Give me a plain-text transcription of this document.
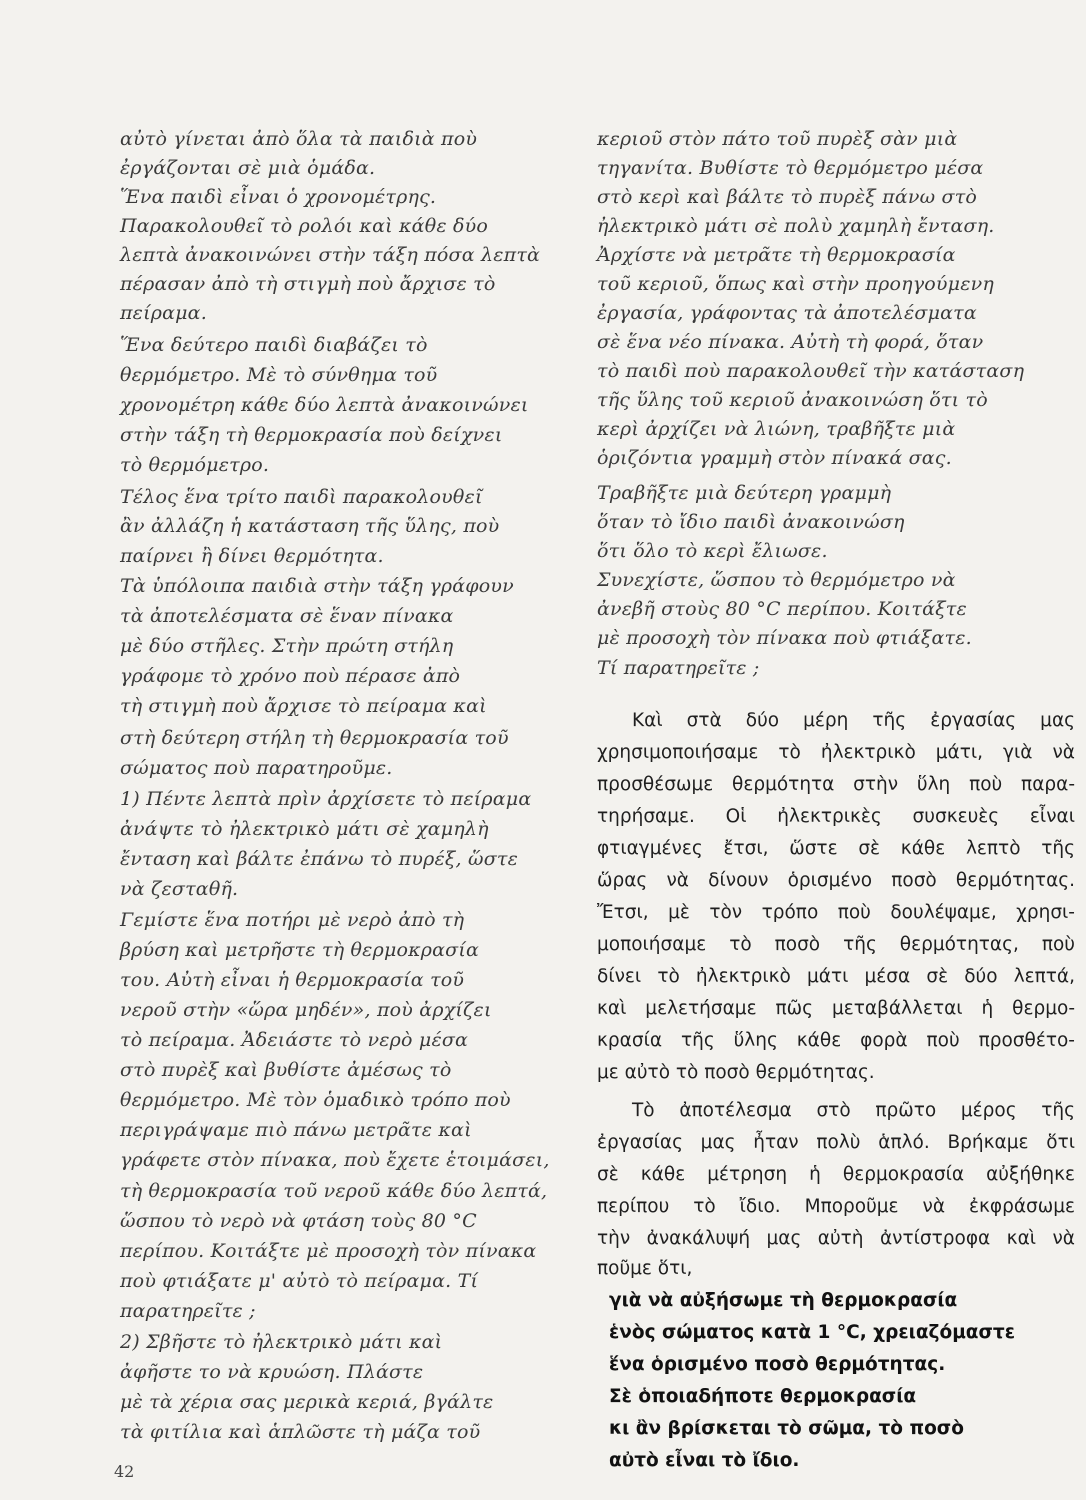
αὐτὸ γίνεται ἀπὸ ὅλα τὰ παιδιὰ ποὺ
ἐργάζονται σὲ μιὰ ὁμάδα.
Ἕνα παιδὶ εἶναι ὁ χρονομέτρης.
Παρακολουθεῖ τὸ ρολόι καὶ κάθε δύο
λεπτὰ ἀνακοινώνει στὴν τάξη πόσα λεπτὰ
πέρασαν ἀπὸ τὴ στιγμὴ ποὺ ἄρχισε τὸ
πείραμα.
Ἕνα δεύτερο παιδὶ διαβάζει τὸ
θερμόμετρο. Μὲ τὸ σύνθημα τοῦ
χρονομέτρη κάθε δύο λεπτὰ ἀνακοινώνει
στὴν τάξη τὴ θερμοκρασία ποὺ δείχνει
τὸ θερμόμετρο.
Τέλος ἕνα τρίτο παιδὶ παρακολουθεῖ
ἂν ἀλλάζη ἡ κατάσταση τῆς ὕλης, ποὺ
παίρνει ἢ δίνει θερμότητα.
Τὰ ὑπόλοιπα παιδιὰ στὴν τάξη γράφουν
τὰ ἀποτελέσματα σὲ ἕναν πίνακα
μὲ δύο στῆλες. Στὴν πρώτη στήλη
γράφομε τὸ χρόνο ποὺ πέρασε ἀπὸ
τὴ στιγμὴ ποὺ ἄρχισε τὸ πείραμα καὶ
στὴ δεύτερη στήλη τὴ θερμοκρασία τοῦ
σώματος ποὺ παρατηροῦμε.
1) Πέντε λεπτὰ πρὶν ἀρχίσετε τὸ πείραμα
ἀνάψτε τὸ ἠλεκτρικὸ μάτι σὲ χαμηλὴ
ἔνταση καὶ βάλτε ἐπάνω τὸ πυρέξ, ὥστε
νὰ ζεσταθῆ.
Γεμίστε ἕνα ποτήρι μὲ νερὸ ἀπὸ τὴ
βρύση καὶ μετρῆστε τὴ θερμοκρασία
του. Αὐτὴ εἶναι ἡ θερμοκρασία τοῦ
νεροῦ στὴν «ὥρα μηδέν», ποὺ ἀρχίζει
τὸ πείραμα. Ἀδειάστε τὸ νερὸ μέσα
στὸ πυρὲξ καὶ βυθίστε ἀμέσως τὸ
θερμόμετρο. Μὲ τὸν ὁμαδικὸ τρόπο ποὺ
περιγράψαμε πιὸ πάνω μετρᾶτε καὶ
γράφετε στὸν πίνακα, ποὺ ἔχετε ἑτοιμάσει,
τὴ θερμοκρασία τοῦ νεροῦ κάθε δύο λεπτά,
ὥσπου τὸ νερὸ νὰ φτάση τοὺς 80 °C
περίπου. Κοιτάξτε μὲ προσοχὴ τὸν πίνακα
ποὺ φτιάξατε μ' αὐτὸ τὸ πείραμα. Τί
παρατηρεῖτε ;
2) Σβῆστε τὸ ἠλεκτρικὸ μάτι καὶ
ἀφῆστε το νὰ κρυώση. Πλάστε
μὲ τὰ χέρια σας μερικὰ κεριά, βγάλτε
τὰ φιτίλια καὶ ἁπλῶστε τὴ μάζα τοῦ
κεριοῦ στὸν πάτο τοῦ πυρὲξ σὰν μιὰ
τηγανίτα. Βυθίστε τὸ θερμόμετρο μέσα
στὸ κερὶ καὶ βάλτε τὸ πυρὲξ πάνω στὸ
ἠλεκτρικὸ μάτι σὲ πολὺ χαμηλὴ ἔνταση.
Ἀρχίστε νὰ μετρᾶτε τὴ θερμοκρασία
τοῦ κεριοῦ, ὅπως καὶ στὴν προηγούμενη
ἐργασία, γράφοντας τὰ ἀποτελέσματα
σὲ ἕνα νέο πίνακα. Αὐτὴ τὴ φορά, ὅταν
τὸ παιδὶ ποὺ παρακολουθεῖ τὴν κατάσταση
τῆς ὕλης τοῦ κεριοῦ ἀνακοινώση ὅτι τὸ
κερὶ ἀρχίζει νὰ λιώνη, τραβῆξτε μιὰ
ὁριζόντια γραμμὴ στὸν πίνακά σας.
Τραβῆξτε μιὰ δεύτερη γραμμὴ
ὅταν τὸ ἴδιο παιδὶ ἀνακοινώση
ὅτι ὅλο τὸ κερὶ ἔλιωσε.
Συνεχίστε, ὥσπου τὸ θερμόμετρο νὰ
ἀνεβῆ στοὺς 80 °C περίπου. Κοιτάξτε
μὲ προσοχὴ τὸν πίνακα ποὺ φτιάξατε.
Τί παρατηρεῖτε ;
Καὶ στὰ δύο μέρη τῆς ἐργασίας μας
χρησιμοποιήσαμε τὸ ἠλεκτρικὸ μάτι, γιὰ νὰ
προσθέσωμε θερμότητα στὴν ὕλη ποὺ παρα-
τηρήσαμε. Οἱ ἠλεκτρικὲς συσκευὲς εἶναι
φτιαγμένες ἔτσι, ὥστε σὲ κάθε λεπτὸ τῆς
ὥρας νὰ δίνουν ὁρισμένο ποσὸ θερμότητας.
Ἔτσι, μὲ τὸν τρόπο ποὺ δουλέψαμε, χρησι-
μοποιήσαμε τὸ ποσὸ τῆς θερμότητας, ποὺ
δίνει τὸ ἠλεκτρικὸ μάτι μέσα σὲ δύο λεπτά,
καὶ μελετήσαμε πῶς μεταβάλλεται ἡ θερμο-
κρασία τῆς ὕλης κάθε φορὰ ποὺ προσθέτο-
με αὐτὸ τὸ ποσὸ θερμότητας.
Τὸ ἀποτέλεσμα στὸ πρῶτο μέρος τῆς
ἐργασίας μας ἦταν πολὺ ἁπλό. Βρήκαμε ὅτι
σὲ κάθε μέτρηση ἡ θερμοκρασία αὐξήθηκε
περίπου τὸ ἴδιο. Μποροῦμε νὰ ἐκφράσωμε
τὴν ἀνακάλυψή μας αὐτὴ ἀντίστροφα καὶ νὰ
ποῦμε ὅτι,
γιὰ νὰ αὐξήσωμε τὴ θερμοκρασία
ἑνὸς σώματος κατὰ 1 °C, χρειαζόμαστε
ἕνα ὁρισμένο ποσὸ θερμότητας.
Σὲ ὁποιαδήποτε θερμοκρασία
κι ἂν βρίσκεται τὸ σῶμα, τὸ ποσὸ
αὐτὸ εἶναι τὸ ἴδιο.
42
